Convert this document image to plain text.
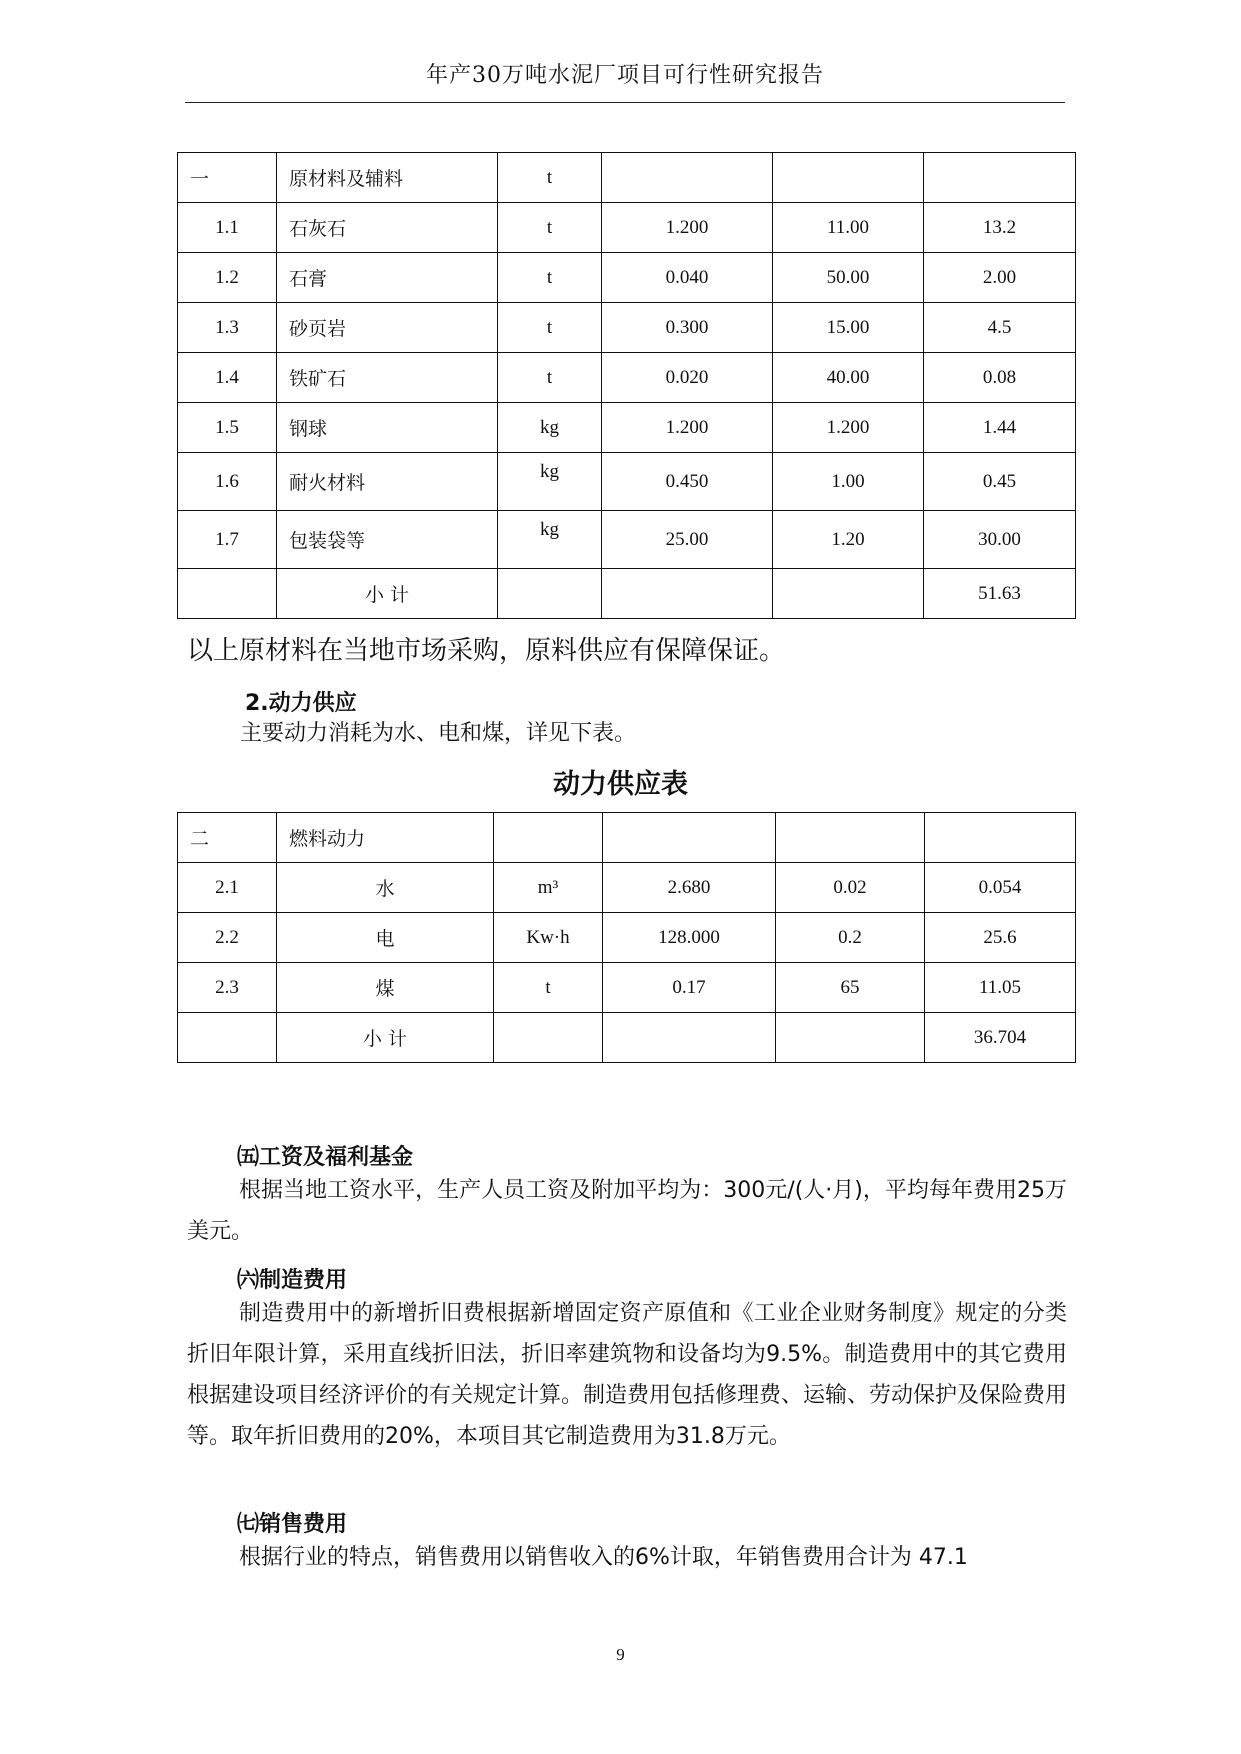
年产30万吨水泥厂项目可行性研究报告
一	原材料及辅料	t			
1.1	石灰石	t	1.200	11.00	13.2
1.2	石膏	t	0.040	50.00	2.00
1.3	砂页岩	t	0.300	15.00	4.5
1.4	铁矿石	t	0.020	40.00	0.08
1.5	钢球	kg	1.200	1.200	1.44
1.6	耐火材料	kg	0.450	1.00	0.45
1.7	包装袋等	kg	25.00	1.20	30.00
	小 计				51.63
以上原材料在当地市场采购，原料供应有保障保证。
2.动力供应
主要动力消耗为水、电和煤，详见下表。
动力供应表
二	燃料动力				
2.1	水	m³	2.680	0.02	0.054
2.2	电	Kw·h	128.000	0.2	25.6
2.3	煤	t	0.17	65	11.05
	小 计				36.704
㈤工资及福利基金
根据当地工资水平，生产人员工资及附加平均为：300元/(人·月)，平均每年费用25万美元。
㈥制造费用
制造费用中的新增折旧费根据新增固定资产原值和《工业企业财务制度》规定的分类折旧年限计算，采用直线折旧法，折旧率建筑物和设备均为9.5%。制造费用中的其它费用根据建设项目经济评价的有关规定计算。制造费用包括修理费、运输、劳动保护及保险费用等。取年折旧费用的20%，本项目其它制造费用为31.8万元。
㈦销售费用
根据行业的特点，销售费用以销售收入的6%计取，年销售费用合计为 47.1
9
